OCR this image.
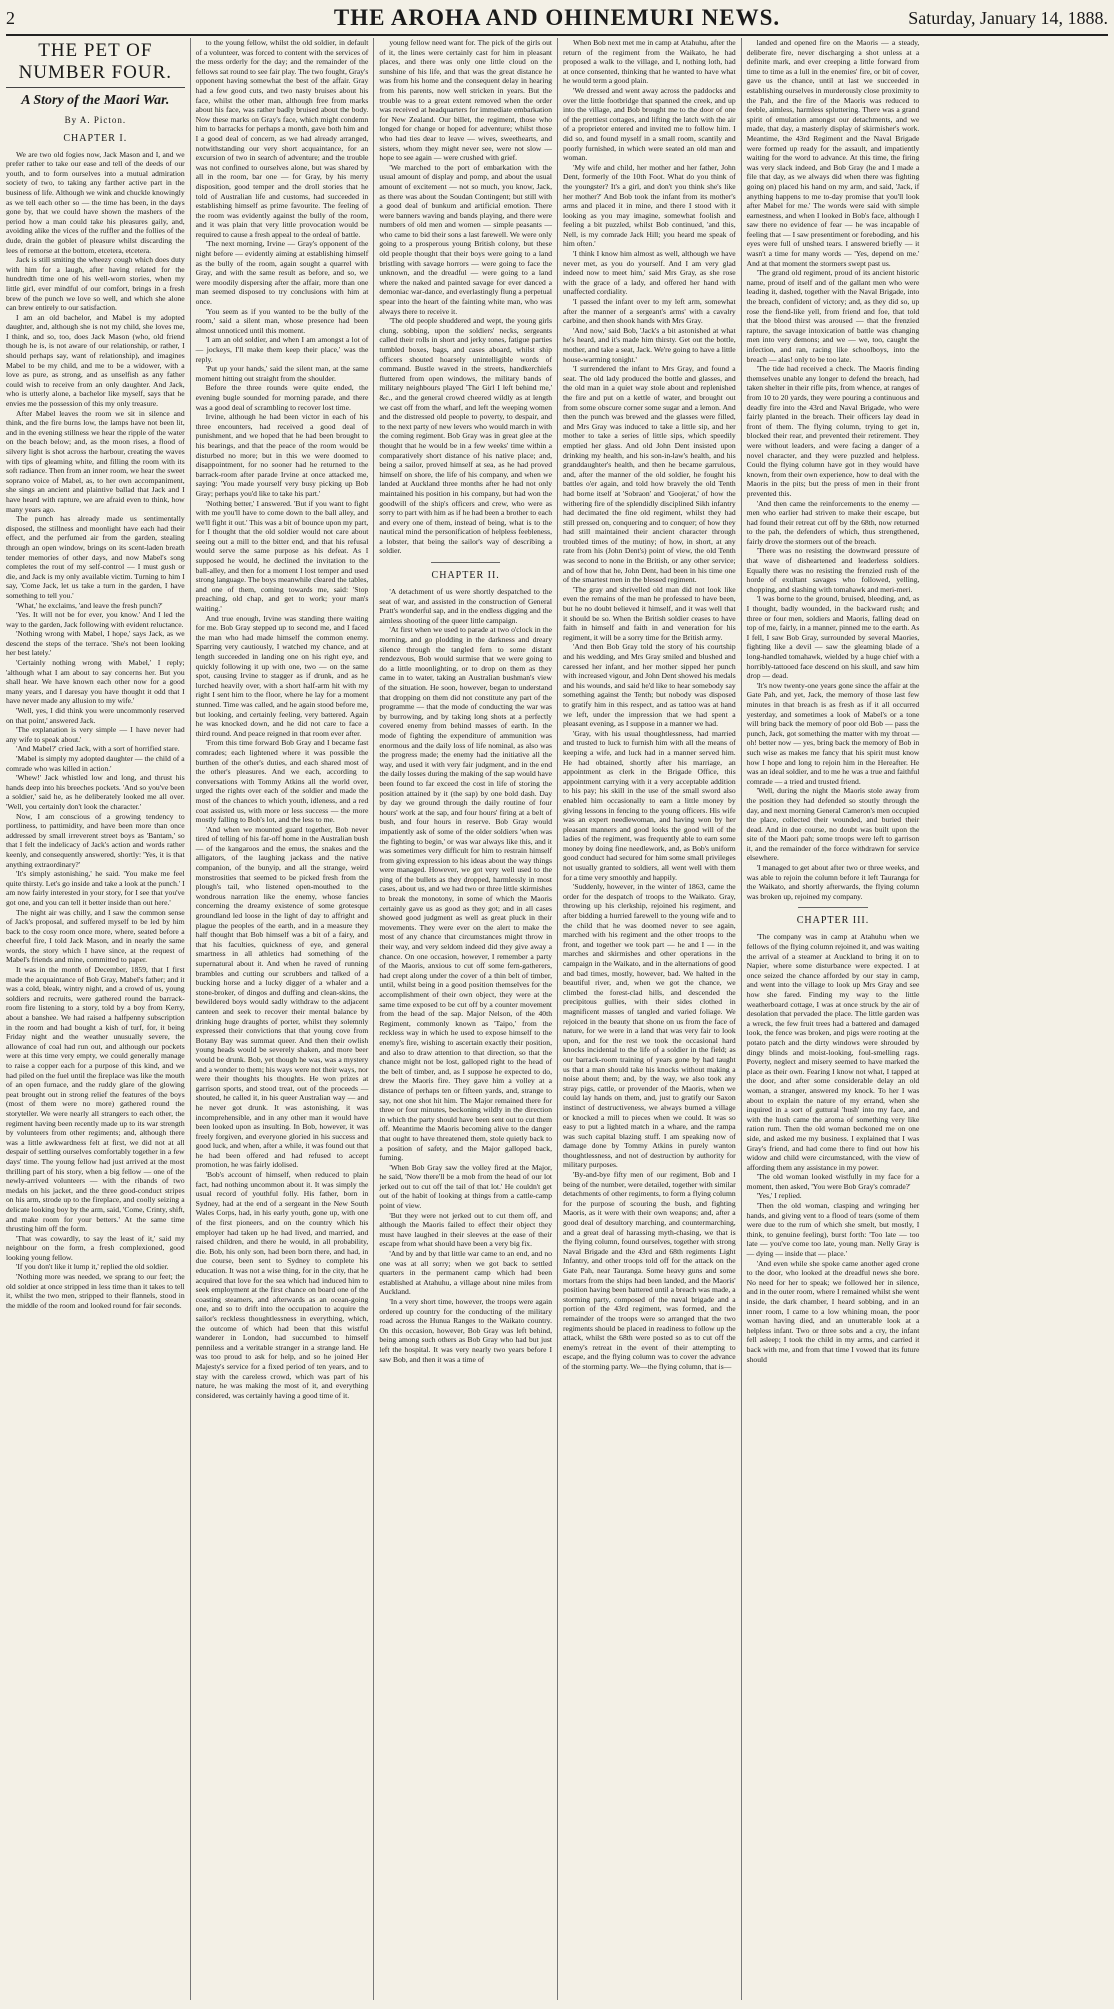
2	THE AROHA AND OHINEMURI NEWS.	Saturday, January 14, 1888.
THE PET OF NUMBER FOUR.
A Story of the Maori War.
By A. Picton.
CHAPTER I.

We are two old fogies now, Jack Mason and I, and we prefer rather to take our ease and tell of the deeds of our youth, and to form ourselves into a mutual admiration society of two, to taking any farther active part in the business of life. Although we wink and chuckle knowingly as we tell each other so — the time has been, in the days gone by, that we could have shown the mashers of the period how a man could take his pleasures gaily, and, avoiding alike the vices of the ruffler and the follies of the dude, drain the goblet of pleasure whilst discarding the lees of remorse at the bottom, etcetera, etcetera.

Jack is still smiting the wheezy cough which does duty with him for a laugh, after having related for the hundredth time one of his well-worn stories, when my little girl, ever mindful of our comfort, brings in a fresh brew of the punch we love so well, and which she alone can brew entirely to our satisfaction.

I am an old bachelor, and Mabel is my adopted daughter, and, although she is not my child, she loves me, I think, and so, too, does Jack Mason (who, old friend though he is, is not aware of our relationship, or rather, I should perhaps say, want of relationship), and imagines Mabel to be my child, and me to be a widower, with a love as pure, as strong, and as unselfish as any father could wish to receive from an only daughter. And Jack, who is utterly alone, a bachelor like myself, says that he envies me the possession of this my only treasure.

After Mabel leaves the room we sit in silence and think, and the fire burns low, the lamps have not been lit, and in the evening stillness we hear the ripple of the water on the beach below; and, as the moon rises, a flood of silvery light is shot across the harbour, creating the waves with tips of gleaming white, and filling the room with its soft radiance. Then from an inner room, we hear the sweet soprano voice of Mabel, as, to her own accompaniment, she sings an ancient and plaintive ballad that Jack and I have heard with rapture, we are afraid even to think, how many years ago.

The punch has already made us sentimentally disposed, the stillness and moonlight have each had their effect, and the perfumed air from the garden, stealing through an open window, brings on its scent-laden breath tender memories of other days, and now Mabel's song completes the rout of my self-control — I must gush or die, and Jack is my only available victim. Turning to him I say, 'Come Jack, let us take a turn in the garden, I have something to tell you.'

'What,' he exclaims, 'and leave the fresh punch?'

'Yes. It will not be for ever, you know.' And I led the way to the garden, Jack following with evident reluctance.

'Nothing wrong with Mabel, I hope,' says Jack, as we descend the steps of the terrace. 'She's not been looking her best lately.'

'Certainly nothing wrong with Mabel,' I reply; 'although what I am about to say concerns her. But you shall hear. We have known each other now for a good many years, and I daresay you have thought it odd that I have never made any allusion to my wife.'

'Well, yes, I did think you were uncommonly reserved on that point,' answered Jack.

'The explanation is very simple — I have never had any wife to speak about.'

'And Mabel?' cried Jack, with a sort of horrified stare.

'Mabel is simply my adopted daughter — the child of a comrade who was killed in action.'

'Whew!' Jack whistled low and long, and thrust his hands deep into his breeches pockets. 'And so you've been a soldier,' said he, as he deliberately looked me all over. 'Well, you certainly don't look the character.'

Now, I am conscious of a growing tendency to portliness, to pattimidity, and have been more than once addressed by small irreverent street boys as 'Bantam,' so that I felt the indelicacy of Jack's action and words rather keenly, and consequently answered, shortly: 'Yes, it is that anything extraordinary?'

'It's simply astonishing,' he said. 'You make me feel quite thirsty. Let's go inside and take a look at the punch.' I am now fairly interested in your story, for I see that you've got one, and you can tell it better inside than out here.'

The night air was chilly, and I saw the common sense of Jack's proposal, and suffered myself to be led by him back to the cosy room once more, where, seated before a cheerful fire, I told Jack Mason, and in nearly the same words, the story which I have since, at the request of Mabel's friends and mine, committed to paper.

It was in the month of December, 1859, that I first made the acquaintance of Bob Gray, Mabel's father; and it was a cold, bleak, wintry night, and a crowd of us, young soldiers and recruits, were gathered round the barrack-room fire listening to a story, told by a boy from Kerry, about a banshee. We had raised a halfpenny subscription in the room and had bought a kish of turf, for, it being Friday night and the weather unusually severe, the allowance of coal had run out, and although our pockets were at this time very empty, we could generally manage to raise a copper each for a purpose of this kind, and we had piled on the fuel until the fireplace was like the mouth of an open furnace, and the ruddy glare of the glowing peat brought out in strong relief the features of the boys (most of them were no more) gathered round the storyteller. We were nearly all strangers to each other, the regiment having been recently made up to its war strength by volunteers from other regiments; and, although there was a little awkwardness felt at first, we did not at all despair of settling ourselves comfortably together in a few days' time. The young fellow had just arrived at the most thrilling part of his story, when a big fellow — one of the newly-arrived volunteers — with the ribands of two medals on his jacket, and the three good-conduct stripes on his arm, strode up to the fireplace, and coolly seizing a delicate looking boy by the arm, said, 'Come, Crinty, shift, and make room for your betters.' At the same time thrusting him off the form.

'That was cowardly, to say the least of it,' said my neighbour on the form, a fresh complexioned, good looking young fellow.

'If you don't like it lump it,' replied the old soldier.

'Nothing more was needed, we sprang to our feet; the old soldier at once stripped in less time than it takes to tell it, whilst the two men, stripped to their flannels, stood in the middle of the room and looked round for fair seconds.

to the young fellow, whilst the old soldier, in default of a volunteer, was forced to content with the services of the mess orderly for the day; and the remainder of the fellows sat round to see fair play. The two fought, Gray's opponent having somewhat the best of the affair. Gray had a few good cuts, and two nasty bruises about his face, whilst the other man, although free from marks about his face, was rather badly bruised about the body. Now these marks on Gray's face, which might condemn him to barracks for perhaps a month, gave both him and I a good deal of concern, as we had already arranged, notwithstanding our very short acquaintance, for an excursion of two in search of adventure; and the trouble was not confined to ourselves alone, but was shared by all in the room, bar one — for Gray, by his merry disposition, good temper and the droll stories that he told of Australian life and customs, had succeeded in establishing himself as prime favourite. The feeling of the room was evidently against the bully of the room, and it was plain that very little provocation would be required to cause a fresh appeal to the ordeal of battle.

'The next morning, Irvine — Gray's opponent of the night before — evidently aiming at establishing himself as the bully of the room, again sought a quarrel with Gray, and with the same result as before, and so, we were moodily dispersing after the affair, more than one man seemed disposed to try conclusions with him at once.

'You seem as if you wanted to be the bully of the room,' said a silent man, whose presence had been almost unnoticed until this moment.

'I am an old soldier, and when I am amongst a lot of — jockeys, I'll make them keep their place,' was the reply.

'Put up your hands,' said the silent man, at the same moment hitting out straight from the shoulder.

Before the three rounds were quite ended, the evening bugle sounded for morning parade, and there was a good deal of scrambling to recover lost time.

Irvine, although he had been victor in each of his three encounters, had received a good deal of punishment, and we hoped that he had been brought to his bearings, and that the peace of the room would be disturbed no more; but in this we were doomed to disappointment, for no sooner had he returned to the barrack-room after parade Irvine at once attacked me, saying: 'You made yourself very busy picking up Bob Gray; perhaps you'd like to take his part.'

'Nothing better,' I answered. 'But if you want to fight with me you'll have to come down to the ball alley, and we'll fight it out.' This was a bit of bounce upon my part, for I thought that the old soldier would not care about seeing out a mill to the bitter end, and that his refusal would serve the same purpose as his defeat. As I supposed he would, he declined the invitation to the ball-alley, and then for a moment I lost temper and used strong language. The boys meanwhile cleared the tables, and one of them, coming towards me, said: 'Stop preaching, old chap, and get to work; your man's waiting.'

And true enough, Irvine was standing there waiting for me. Bob Gray stepped up to second me, and I faced the man who had made himself the common enemy. Sparring very cautiously, I watched my chance, and at length succeeded in landing one on his right eye, and quickly following it up with one, two — on the same spot, causing Irvine to stagger as if drunk, and as he lurched heavily over, with a short half-arm hit with my right I sent him to the floor, where he lay for a moment stunned. Time was called, and he again stood before me, but looking, and certainly feeling, very battered. Again he was knocked down, and he did not care to face a third round. And peace reigned in that room ever after.

'From this time forward Bob Gray and I became fast comrades; each lightened where it was possible the burthen of the other's duties, and each shared most of the other's pleasures. And we each, according to conversations with Tommy Atkins all the world over, urged the rights over each of the soldier and made the most of the chances to which youth, idleness, and a red coat assisted us, with more or less success — the more mostly falling to Bob's lot, and the less to me.

'And when we mounted guard together, Bob never tired of telling of his far-off home in the Australian bush — of the kangaroos and the emus, the snakes and the alligators, of the laughing jackass and the native companion, of the bunyip, and all the strange, weird monstrosities that seemed to be picked fresh from the plough's tail, who listened open-mouthed to the wondrous narration like the enemy, whose fancies concerning the dreamy existence of some grotesque groundland led loose in the light of day to affright and plague the peoples of the earth, and in a measure they half thought that Bob himself was a bit of a fairy, and that his faculties, quickness of eye, and general smartness in all athletics had something of the supernatural about it. And when he raved of running brambles and cutting our scrubbers and talked of a bucking horse and a lucky digger of a whaler and a stone-broker, of dingos and duffing and clean-skins, the bewildered boys would sadly withdraw to the adjacent canteen and seek to recover their mental balance by drinking huge draughts of porter, whilst they solemnly expressed their convictions that that young cove from Botany Bay was summat queer. And then their owlish young heads would be severely shaken, and more beer would be drunk. Bob, yet though he was, was a mystery and a wonder to them; his ways were not their ways, nor were their thoughts his thoughts. He won prizes at garrison sports, and stood treat, out of the proceeds — shouted, he called it, in his queer Australian way — and he never got drunk. It was astonishing, it was incomprehensible, and in any other man it would have been looked upon as insulting. In Bob, however, it was freely forgiven, and everyone gloried in his success and good luck, and when, after a while, it was found out that he had been offered and had refused to accept promotion, he was fairly idolised.

'Bob's account of himself, when reduced to plain fact, had nothing uncommon about it. It was simply the usual record of youthful folly. His father, born in Sydney, had at the end of a sergeant in the New South Wales Corps, had, in his early youth, gone up, with one of the first pioneers, and on the country which his employer had taken up he had lived, and married, and raised children, and there he would, in all probability, die. Bob, his only son, had been born there, and had, in due course, been sent to Sydney to complete his education. It was not a wise thing, for in the city, that he acquired that love for the sea which had induced him to seek employment at the first chance on board one of the coasting steamers, and afterwards as an ocean-going one, and so to drift into the occupation to acquire the sailor's reckless thoughtlessness in everything, which, the outcome of which had been that this wistful wanderer in London, had succumbed to himself penniless and a veritable stranger in a strange land. He was too proud to ask for help, and so he joined Her Majesty's service for a fixed period of ten years, and to stay with the careless crowd, which was part of his nature, he was making the most of it, and everything considered, was certainly having a good time of it.

young fellow need want for. The pick of the girls out of it, the lines were certainly cast for him in pleasant places, and there was only one little cloud on the sunshine of his life, and that was the great distance he was from his home and the consequent delay in hearing from his parents, now well stricken in years. But the trouble was to a great extent removed when the order was received at headquarters for immediate embarkation for New Zealand. Our billet, the regiment, those who longed for change or hoped for adventure; whilst those who had ties dear to leave — wives, sweethearts, and sisters, whom they might never see, were not slow — hope to see again — were crushed with grief.

'We marched to the port of embarkation with the usual amount of display and pomp, and about the usual amount of excitement — not so much, you know, Jack, as there was about the Soudan Contingent; but still with a good deal of bunkum and artificial emotion. There were banners waving and bands playing, and there were numbers of old men and women — simple peasants — who came to bid their sons a last farewell. We were only going to a prosperous young British colony, but these old people thought that their boys were going to a land bristling with savage horrors — were going to face the unknown, and the dreadful — were going to a land where the naked and painted savage for ever danced a demoniac war-dance, and everlastingly flung a perpetual spear into the heart of the fainting white man, who was always there to receive it.

'The old people shuddered and wept, the young girls clung, sobbing, upon the soldiers' necks, sergeants called their rolls in short and jerky tones, fatigue parties tumbled boxes, bags, and cases aboard, whilst ship officers shouted hoarsely unintelligible words of command. Bustle waved in the streets, handkerchiefs fluttered from open windows, the military bands of military neighbours played 'The Girl I left behind me,' &c., and the general crowd cheered wildly as at length we cast off from the wharf, and left the weeping women and the distressed old people to poverty, to despair, and to the next party of new levers who would march in with the coming regiment. Bob Gray was in great glee at the thought that he would be in a few weeks' time within a comparatively short distance of his native place; and, being a sailor, proved himself at sea, as he had proved himself on shore, the life of his company, and when we landed at Auckland three months after he had not only maintained his position in his company, but had won the goodwill of the ship's officers and crew, who were as sorry to part with him as if he had been a brother to each and every one of them, instead of being, what is to the nautical mind the personification of helpless feebleness, a lobster, that being the sailor's way of describing a soldier.

CHAPTER II.

'A detachment of us were shortly despatched to the seat of war, and assisted in the construction of General Pratt's wonderful sap, and in the endless digging and the aimless shooting of the queer little campaign.

'At first when we used to parade at two o'clock in the morning, and go plodding in the darkness and dreary silence through the tangled fern to some distant rendezvous, Bob would surmise that we were going to do a little moonlighting, or to drop on them as they came in to water, taking an Australian bushman's view of the situation. He soon, however, began to understand that dropping on them did not constitute any part of the programme — that the mode of conducting the war was by burrowing, and by taking long shots at a perfectly covered enemy from behind masses of earth. In the mode of fighting the expenditure of ammunition was enormous and the daily loss of life nominal, as also was the progress made; the enemy had the initiative all the way, and used it with very fair judgment, and in the end the daily losses during the making of the sap would have been found to far exceed the cost in life of storing the position attained by it (the sap) by one bold dash. Day by day we ground through the daily routine of four hours' work at the sap, and four hours' firing at a belt of bush, and four hours in reserve. Bob Gray would impatiently ask of some of the older soldiers 'when was the fighting to begin,' or was war always like this, and it was sometimes very difficult for him to restrain himself from giving expression to his ideas about the way things were managed. However, we got very well used to the ping of the bullets as they dropped, harmlessly in most cases, about us, and we had two or three little skirmishes to break the monotony, in some of which the Maoris certainly gave us as good as they got; and in all cases showed good judgment as well as great pluck in their movements. They were ever on the alert to make the most of any chance that circumstances might throw in their way, and very seldom indeed did they give away a chance. On one occasion, however, I remember a party of the Maoris, anxious to cut off some fern-gatherers, had crept along under the cover of a thin belt of timber, until, whilst being in a good position themselves for the accomplishment of their own object, they were at the same time exposed to be cut off by a counter movement from the head of the sap. Major Nelson, of the 40th Regiment, commonly known as 'Taipo,' from the reckless way in which he used to expose himself to the enemy's fire, wishing to ascertain exactly their position, and also to draw attention to that direction, so that the chance might not be lost, galloped right to the head of the belt of timber, and, as I suppose he expected to do, drew the Maoris fire. They gave him a volley at a distance of perhaps ten or fifteen yards, and, strange to say, not one shot hit him. The Major remained there for three or four minutes, beckoning wildly in the direction in which the party should have been sent out to cut them off. Meantime the Maoris becoming alive to the danger that ought to have threatened them, stole quietly back to a position of safety, and the Major galloped back, fuming.

'When Bob Gray saw the volley fired at the Major, he said, 'Now there'll be a mob from the head of our lot jerked out to cut off the tail of that lot.' He couldn't get out of the habit of looking at things from a cattle-camp point of view.

'But they were not jerked out to cut them off, and although the Maoris failed to effect their object they must have laughed in their sleeves at the ease of their escape from what should have been a very big fix.

'And by and by that little war came to an end, and no one was at all sorry; when we got back to settled quarters in the permanent camp which had been established at Atahuhu, a village about nine miles from Auckland.

'In a very short time, however, the troops were again ordered up country for the conducting of the military road across the Hunua Ranges to the Waikato country. On this occasion, however, Bob Gray was left behind, being among such others as Bob Gray who had but just left the hospital. It was very nearly two years before I saw Bob, and then it was a time of

When Bob next met me in camp at Atahuhu, after the return of the regiment from the Waikato, he had proposed a walk to the village, and I, nothing loth, had at once consented, thinking that he wanted to have what he would term a good plain.

'We dressed and went away across the paddocks and over the little footbridge that spanned the creek, and up into the village, and Bob brought me to the door of one of the prettiest cottages, and lifting the latch with the air of a proprietor entered and invited me to follow him. I did so, and found myself in a small room, scantily and poorly furnished, in which were seated an old man and woman.

'My wife and child, her mother and her father, John Dent, formerly of the 10th Foot. What do you think of the youngster? It's a girl, and don't you think she's like her mother?' And Bob took the infant from its mother's arms and placed it in mine, and there I stood with it looking as you may imagine, somewhat foolish and feeling a bit puzzled, whilst Bob continued, 'and this, Nell, is my comrade Jack Hill; you heard me speak of him often.'

'I think I know him almost as well, although we have never met, as you do yourself. And I am very glad indeed now to meet him,' said Mrs Gray, as she rose with the grace of a lady, and offered her hand with unaffected cordiality.

'I passed the infant over to my left arm, somewhat after the manner of a sergeant's arms' with a cavalry carbine, and then shook hands with Mrs Gray.

'And now,' said Bob, 'Jack's a bit astonished at what he's heard, and it's made him thirsty. Get out the bottle, mother, and take a seat, Jack. We're going to have a little house-warming tonight.'

'I surrendered the infant to Mrs Gray, and found a seat. The old lady produced the bottle and glasses, and the old man in a quiet way stole about and replenished the fire and put on a kettle of water, and brought out from some obscure corner some sugar and a lemon. And then the punch was brewed and the glasses were filled, and Mrs Gray was induced to take a little sip, and her mother to take a series of little sips, which speedily emptied her glass. And old John Dent insisted upon drinking my health, and his son-in-law's health, and his granddaughter's health, and then he became garrulous, and, after the manner of the old soldier, he fought his battles o'er again, and told how bravely the old Tenth had borne itself at 'Sobraon' and 'Goojerat,' of how the withering fire of the splendidly disciplined Sikh infantry had decimated the fine old regiment, whilst they had still pressed on, conquering and to conquer; of how they had still maintained their ancient character through troubled times of the mutiny; of how, in short, at any rate from his (John Dent's) point of view, the old Tenth was second to none in the British, or any other service; and of how that he, John Dent, had been in his time one of the smartest men in the blessed regiment.

'The gray and shrivelled old man did not look like even the remains of the man he professed to have been, but he no doubt believed it himself, and it was well that it should be so. When the British soldier ceases to have faith in himself and faith in and veneration for his regiment, it will be a sorry time for the British army.

'And then Bob Gray told the story of his courtship and his wedding, and Mrs Gray smiled and blushed and caressed her infant, and her mother sipped her punch with increased vigour, and John Dent showed his medals and his wounds, and said he'd like to hear somebody say something against the Tenth; but nobody was disposed to gratify him in this respect, and as tattoo was at hand we left, under the impression that we had spent a pleasant evening, as I suppose in a manner we had.

'Gray, with his usual thoughtlessness, had married and trusted to luck to furnish him with all the means of keeping a wife, and luck had in a manner served him. He had obtained, shortly after his marriage, an appointment as clerk in the Brigade Office, this appointment carrying with it a very acceptable addition to his pay; his skill in the use of the small sword also enabled him occasionally to earn a little money by giving lessons in fencing to the young officers. His wife was an expert needlewoman, and having won by her pleasant manners and good looks the good will of the ladies of the regiment, was frequently able to earn some money by doing fine needlework, and, as Bob's uniform good conduct had secured for him some small privileges not usually granted to soldiers, all went well with them for a time very smoothly and happily.

'Suddenly, however, in the winter of 1863, came the order for the despatch of troops to the Waikato. Gray, throwing up his clerkship, rejoined his regiment, and after bidding a hurried farewell to the young wife and to the child that he was doomed never to see again, marched with his regiment and the other troops to the front, and together we took part — he and I — in the marches and skirmishes and other operations in the campaign in the Waikato, and in the alternations of good and bad times, mostly, however, bad. We halted in the beautiful river, and, when we got the chance, we climbed the forest-clad hills, and descended the precipitous gullies, with their sides clothed in magnificent masses of tangled and varied foliage. We rejoiced in the beauty that shone on us from the face of nature, for we were in a land that was very fair to look upon, and for the rest we took the occasional hard knocks incidental to the life of a soldier in the field; as our barrack-room training of years gone by had taught us that a man should take his knocks without making a noise about them; and, by the way, we also took any stray pigs, cattle, or provender of the Maoris, when we could lay hands on them, and, just to gratify our Saxon instinct of destructiveness, we always burned a village or knocked a mill to pieces when we could. It was so easy to put a lighted match in a whare, and the rampa was such capital blazing stuff. I am speaking now of damage done by Tommy Atkins in purely wanton thoughtlessness, and not of destruction by authority for military purposes.

'By-and-bye fifty men of our regiment, Bob and I being of the number, were detailed, together with similar detachments of other regiments, to form a flying column for the purpose of scouring the bush, and fighting Maoris, as it were with their own weapons; and, after a good deal of desultory marching, and countermarching, and a great deal of harassing myth-chasing, we that is the flying column, found ourselves, together with strong Naval Brigade and the 43rd and 68th regiments Light Infantry, and other troops told off for the attack on the Gate Pah, near Tauranga. Some heavy guns and some mortars from the ships had been landed, and the Maoris' position having been battered until a breach was made, a storming party, composed of the naval brigade and a portion of the 43rd regiment, was formed, and the remainder of the troops were so arranged that the two regiments should be placed in readiness to follow up the attack, whilst the 68th were posted so as to cut off the enemy's retreat in the event of their attempting to escape, and the flying column was to cover the advance of the storming party. We—the flying column, that is—

landed and opened fire on the Maoris — a steady, deliberate fire, never discharging a shot unless at a definite mark, and ever creeping a little forward from time to time as a lull in the enemies' fire, or bit of cover, gave us the chance, until at last we succeeded in establishing ourselves in murderously close proximity to the Pah, and the fire of the Maoris was reduced to feeble, aimless, harmless spluttering. There was a grand spirit of emulation amongst our detachments, and we made, that day, a masterly display of skirmisher's work. Meantime, the 43rd Regiment and the Naval Brigade were formed up ready for the assault, and impatiently waiting for the word to advance. At this time, the firing was very slack indeed, and Bob Gray (he and I made a file that day, as we always did when there was fighting going on) placed his hand on my arm, and said, 'Jack, if anything happens to me to-day promise that you'll look after Mabel for me.' The words were said with simple earnestness, and when I looked in Bob's face, although I saw there no evidence of fear — he was incapable of feeling that — I saw presentiment or foreboding, and his eyes were full of unshed tears. I answered briefly — it wasn't a time for many words — 'Yes, depend on me.' And at that moment the stormers swept past us.

'The grand old regiment, proud of its ancient historic name, proud of itself and of the gallant men who were leading it, dashed, together with the Naval Brigade, into the breach, confident of victory; and, as they did so, up rose the fiend-like yell, from friend and foe, that told that the blood thirst was aroused — that the frenzied rapture, the savage intoxication of battle was changing men into very demons; and we — we, too, caught the infection, and ran, racing like schoolboys, into the breach — alas! only to be too late.

'The tide had received a check. The Maoris finding themselves unable any longer to defend the breach, had taken shelter in their rifle pits, from whence, at ranges of from 10 to 20 yards, they were pouring a continuous and deadly fire into the 43rd and Naval Brigade, who were fairly planted in the breach. Their officers lay dead in front of them. The flying column, trying to get in, blocked their rear, and prevented their retirement. They were without leaders, and were facing a danger of a novel character, and they were puzzled and helpless. Could the flying column have got in they would have known, from their own experience, how to deal with the Maoris in the pits; but the press of men in their front prevented this.

'And then came the reinforcements to the enemy — men who earlier had striven to make their escape, but had found their retreat cut off by the 68th, now returned to the pah, the defenders of which, thus strengthened, fairly drove the stormers out of the breach.

'There was no resisting the downward pressure of that wave of disheartened and leaderless soldiers. Equally there was no resisting the frenzied rush of the horde of exultant savages who followed, yelling, chopping, and slashing with tomahawk and meri-meri.

'I was borne to the ground, bruised, bleeding, and, as I thought, badly wounded, in the backward rush; and three or four men, soldiers and Maoris, falling dead on top of me, fairly, in a manner, pinned me to the earth. As I fell, I saw Bob Gray, surrounded by several Maories, fighting like a devil — saw the gleaming blade of a long-handled tomahawk, wielded by a huge chief with a horribly-tattooed face descend on his skull, and saw him drop — dead.

'It's now twenty-one years gone since the affair at the Gate Pah, and yet, Jack, the memory of those last few minutes in that breach is as fresh as if it all occurred yesterday, and sometimes a look of Mabel's or a tone will bring back the memory of poor old Bob — pass the punch, Jack, got something the matter with my throat — oh! better now — yes, bring back the memory of Bob in such wise as makes me fancy that his spirit must know how I hope and long to rejoin him in the Hereafter. He was an ideal soldier, and to me he was a true and faithful comrade — a tried and trusted friend.

'Well, during the night the Maoris stole away from the position they had defended so stoutly through the day, and next morning General Cameron's men occupied the place, collected their wounded, and buried their dead. And in due course, no doubt was built upon the site of the Maori pah; some troops were left to garrison it, and the remainder of the force withdrawn for service elsewhere.

'I managed to get about after two or three weeks, and was able to rejoin the column before it left Tauranga for the Waikato, and shortly afterwards, the flying column was broken up, rejoined my company.

CHAPTER III.

'The company was in camp at Atahuhu when we fellows of the flying column rejoined it, and was waiting the arrival of a steamer at Auckland to bring it on to Napier, where some disturbance were expected. I at once seized the chance afforded by our stay in camp, and went into the village to look up Mrs Gray and see how she fared. Finding my way to the little weatherboard cottage, I was at once struck by the air of desolation that pervaded the place. The little garden was a wreck, the few fruit trees had a battered and damaged look, the fence was broken, and pigs were rooting at the potato patch and the dirty windows were shrouded by dingy blinds and moist-looking, foul-smelling rags. Poverty, neglect and misery seemed to have marked the place as their own. Fearing I know not what, I tapped at the door, and after some considerable delay an old woman, a stranger, answered my knock. To her I was about to explain the nature of my errand, when she inquired in a sort of guttural 'hush' into my face, and with the hush came the aroma of something very like ration rum. Then the old woman beckoned me on one side, and asked me my business. I explained that I was Gray's friend, and had come there to find out how his widow and child were circumstanced, with the view of affording them any assistance in my power.

'The old woman looked wistfully in my face for a moment, then asked, 'You were Bob Gray's comrade?'

'Yes,' I replied.

'Then the old woman, clasping and wringing her hands, and giving vent to a flood of tears (some of them were due to the rum of which she smelt, but mostly, I think, to genuine feeling), burst forth: 'Too late — too late — you've come too late, young man. Nelly Gray is — dying — inside that — place.'

'And even while she spoke came another aged crone to the door, who looked at the dreadful news she bore. No need for her to speak; we followed her in silence, and in the outer room, where I remained whilst she went inside, the dark chamber, I heard sobbing, and in an inner room, I came to a low whining moan, the poor woman having died, and an unutterable look at a helpless infant. Two or three sobs and a cry, the infant fell asleep; I took the child in my arms, and carried it back with me, and from that time I vowed that its future should
